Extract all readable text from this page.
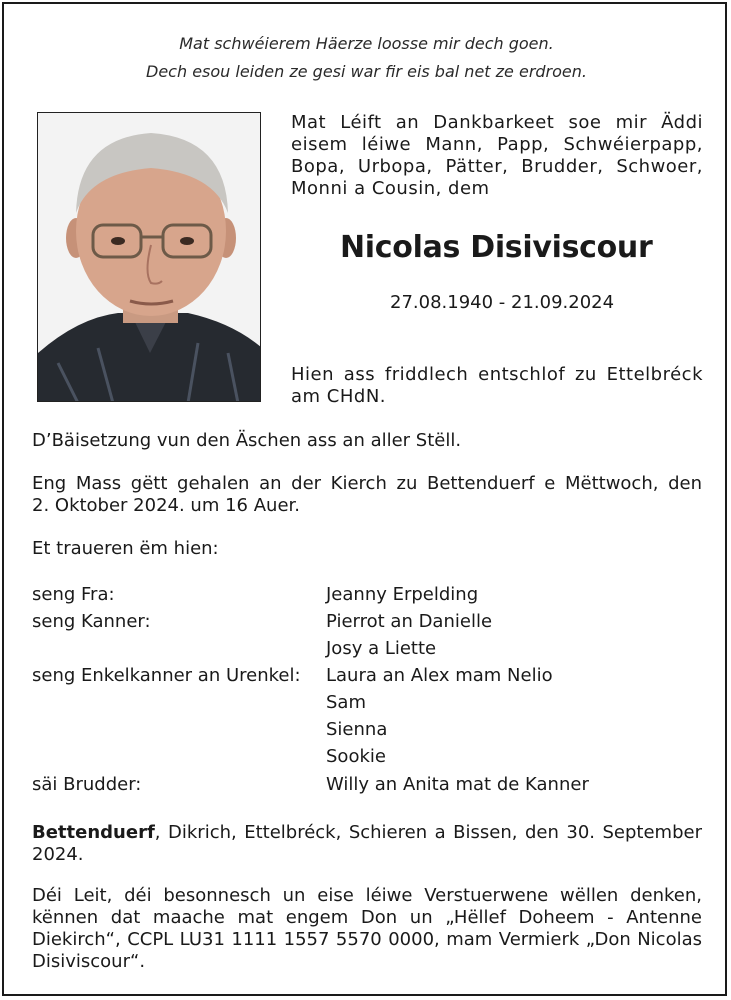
Mat schwéierem Häerze loosse mir dech goen.
Dech esou leiden ze gesi war fir eis bal net ze erdroen.
Mat Léift an Dankbarkeet soe mir Äddi
eisem léiwe Mann, Papp, Schwéierpapp,
Bopa, Urbopa, Pätter, Brudder, Schwoer,
Monni a Cousin, dem
Nicolas Disiviscour
27.08.1940 - 21.09.2024
Hien ass friddlech entschlof zu Ettelbréck
am CHdN.
D’Bäisetzung vun den Äschen ass an aller Stëll.
Eng Mass gëtt gehalen an der Kierch zu Bettenduerf e Mëttwoch, den
2. Oktober 2024. um 16 Auer.
Et traueren ëm hien:
seng Fra:	Jeanny Erpelding
seng Kanner:	Pierrot an Danielle
Josy a Liette
seng Enkelkanner an Urenkel: Laura an Alex mam Nelio
Sam
Sienna
Sookie
säi Brudder:	Willy an Anita mat de Kanner
Bettenduerf, Dikrich, Ettelbréck, Schieren a Bissen, den 30. September
2024.
Déi Leit, déi besonnesch un eise léiwe Verstuerwene wëllen denken,
kënnen dat maache mat engem Don un „Hëllef Doheem - Antenne
Diekirch“, CCPL LU31 1111 1557 5570 0000, mam Vermierk „Don Nicolas
Disiviscour“.
